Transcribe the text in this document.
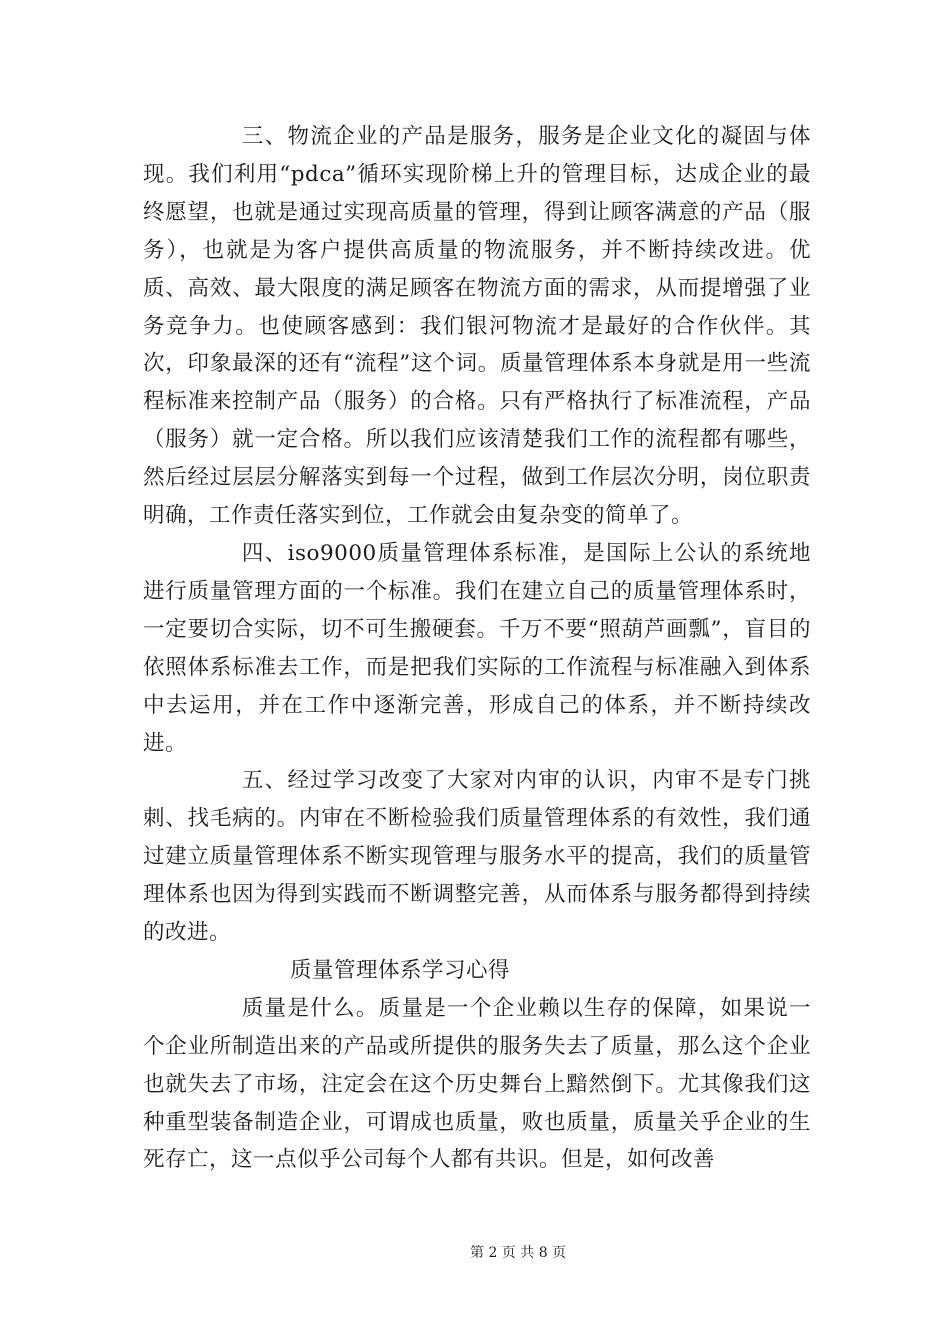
三、物流企业的产品是服务，服务是企业文化的凝固与体现。我们利用“pdca”循环实现阶梯上升的管理目标，达成企业的最终愿望，也就是通过实现高质量的管理，得到让顾客满意的产品（服务），也就是为客户提供高质量的物流服务，并不断持续改进。优质、高效、最大限度的满足顾客在物流方面的需求，从而提增强了业务竞争力。也使顾客感到：我们银河物流才是最好的合作伙伴。其次，印象最深的还有“流程”这个词。质量管理体系本身就是用一些流程标准来控制产品（服务）的合格。只有严格执行了标准流程，产品（服务）就一定合格。所以我们应该清楚我们工作的流程都有哪些，然后经过层层分解落实到每一个过程，做到工作层次分明，岗位职责明确，工作责任落实到位，工作就会由复杂变的简单了。

四、iso9000质量管理体系标准，是国际上公认的系统地进行质量管理方面的一个标准。我们在建立自己的质量管理体系时，一定要切合实际，切不可生搬硬套。千万不要“照葫芦画瓢”，盲目的依照体系标准去工作，而是把我们实际的工作流程与标准融入到体系中去运用，并在工作中逐渐完善，形成自己的体系，并不断持续改进。

五、经过学习改变了大家对内审的认识，内审不是专门挑刺、找毛病的。内审在不断检验我们质量管理体系的有效性，我们通过建立质量管理体系不断实现管理与服务水平的提高，我们的质量管理体系也因为得到实践而不断调整完善，从而体系与服务都得到持续的改进。

质量管理体系学习心得

质量是什么。质量是一个企业赖以生存的保障，如果说一个企业所制造出来的产品或所提供的服务失去了质量，那么这个企业也就失去了市场，注定会在这个历史舞台上黯然倒下。尤其像我们这种重型装备制造企业，可谓成也质量，败也质量，质量关乎企业的生死存亡，这一点似乎公司每个人都有共识。但是，如何改善

第 2 页 共 8 页
